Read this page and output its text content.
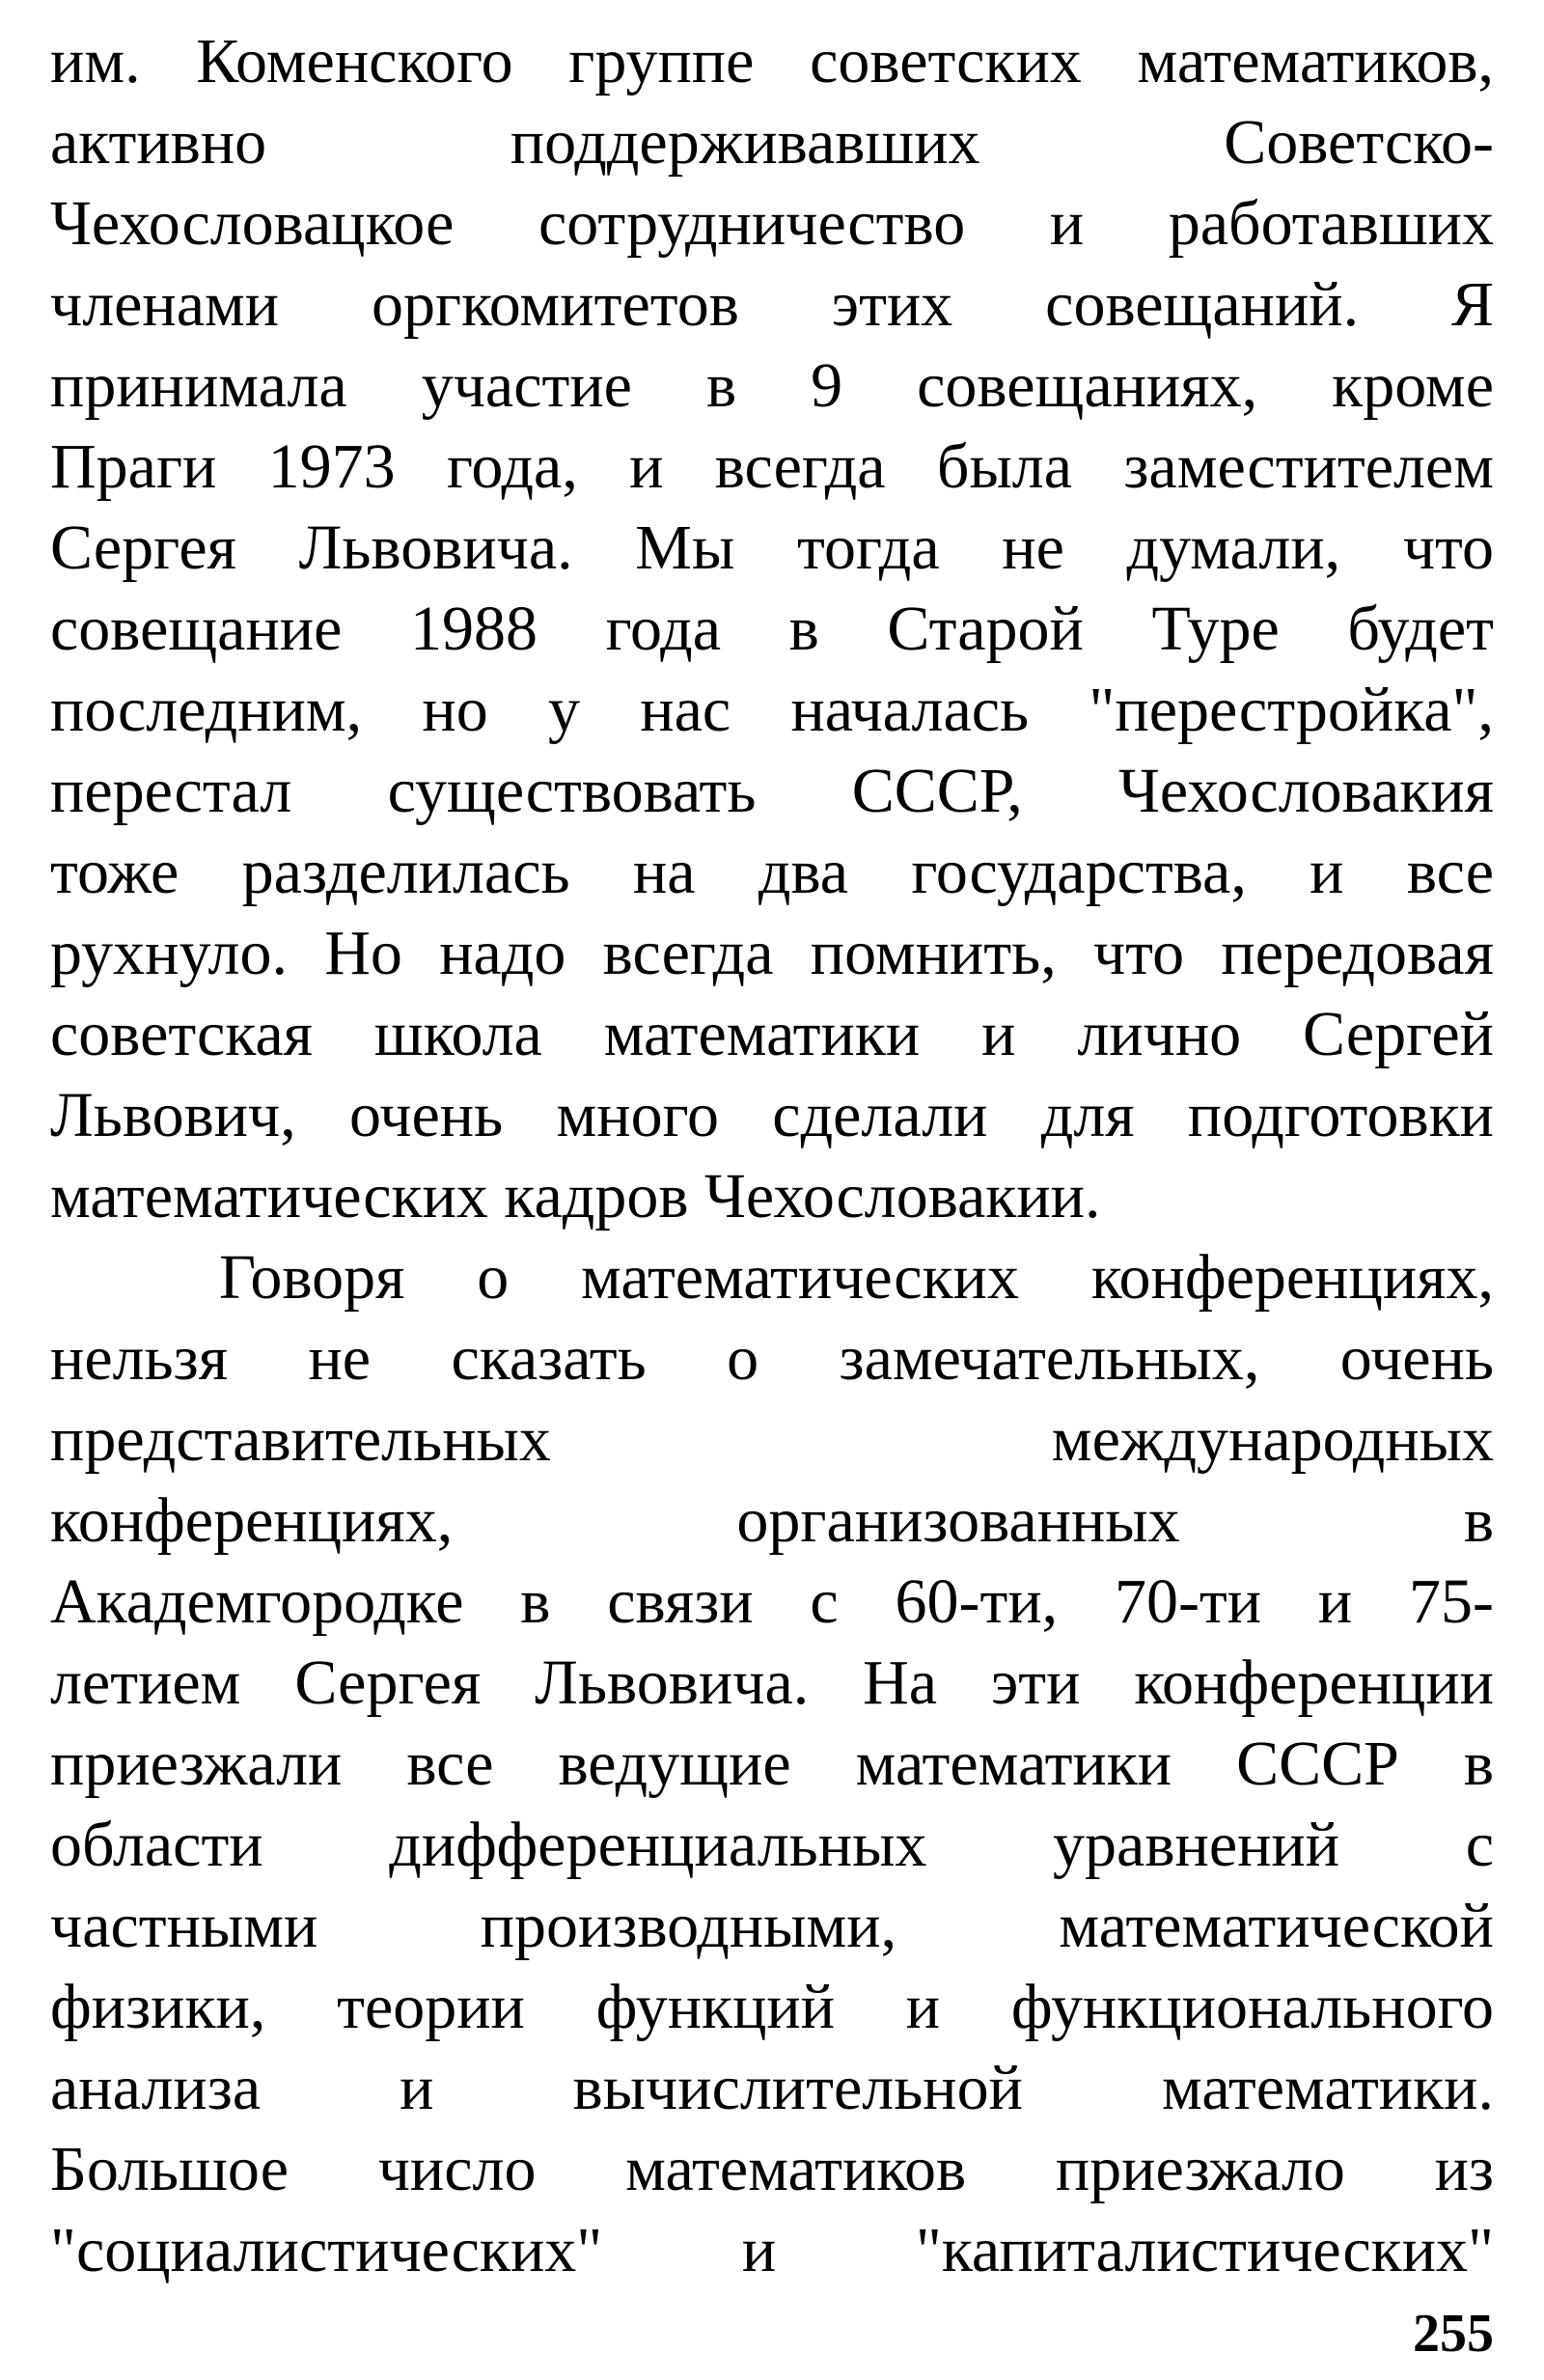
им. Коменского группе советских математиков,
активно поддерживавших Советско-
Чехословацкое сотрудничество и работавших
членами оргкомитетов этих совещаний. Я
принимала участие в 9 совещаниях, кроме
Праги 1973 года, и всегда была заместителем
Сергея Львовича. Мы тогда не думали, что
совещание 1988 года в Старой Туре будет
последним, но у нас началась "перестройка",
перестал существовать СССР, Чехословакия
тоже разделилась на два государства, и все
рухнуло. Но надо всегда помнить, что передовая
советская школа математики и лично Сергей
Львович, очень много сделали для подготовки
математических кадров Чехословакии.
Говоря о математических конференциях,
нельзя не сказать о замечательных, очень
представительных международных
конференциях, организованных в
Академгородке в связи с 60-ти, 70-ти и 75-
летием Сергея Львовича. На эти конференции
приезжали все ведущие математики СССР в
области дифференциальных уравнений с
частными производными, математической
физики, теории функций и функционального
анализа и вычислительной математики.
Большое число математиков приезжало из
"социалистических" и "капиталистических"
255
